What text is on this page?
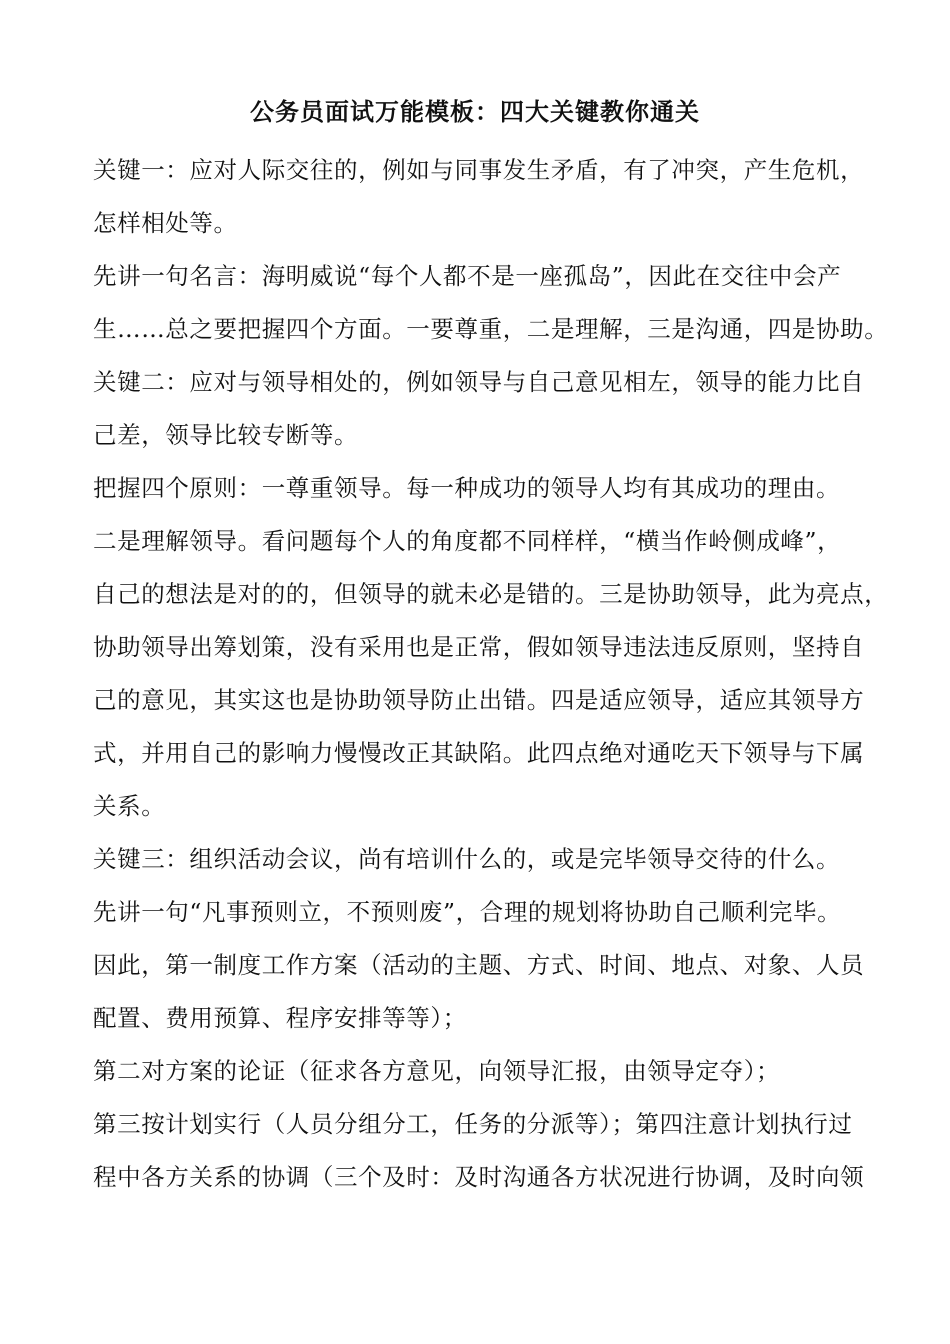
公务员面试万能模板：四大关键教你通关
关键一：应对人际交往的，例如与同事发生矛盾，有了冲突，产生危机，
怎样相处等。
先讲一句名言：海明威说“每个人都不是一座孤岛”，因此在交往中会产
生……总之要把握四个方面。一要尊重，二是理解，三是沟通，四是协助。
关键二：应对与领导相处的，例如领导与自己意见相左，领导的能力比自
己差，领导比较专断等。
把握四个原则：一尊重领导。每一种成功的领导人均有其成功的理由。
二是理解领导。看问题每个人的角度都不同样样，“横当作岭侧成峰”，
自己的想法是对的的，但领导的就未必是错的。三是协助领导，此为亮点，
协助领导出筹划策，没有采用也是正常，假如领导违法违反原则，坚持自
己的意见，其实这也是协助领导防止出错。四是适应领导，适应其领导方
式，并用自己的影响力慢慢改正其缺陷。此四点绝对通吃天下领导与下属
关系。
关键三：组织活动会议，尚有培训什么的，或是完毕领导交待的什么。
先讲一句“凡事预则立，不预则废”，合理的规划将协助自己顺利完毕。
因此，第一制度工作方案（活动的主题、方式、时间、地点、对象、人员
配置、费用预算、程序安排等等）；
第二对方案的论证（征求各方意见，向领导汇报，由领导定夺）；
第三按计划实行（人员分组分工，任务的分派等）；第四注意计划执行过
程中各方关系的协调（三个及时：及时沟通各方状况进行协调，及时向领
